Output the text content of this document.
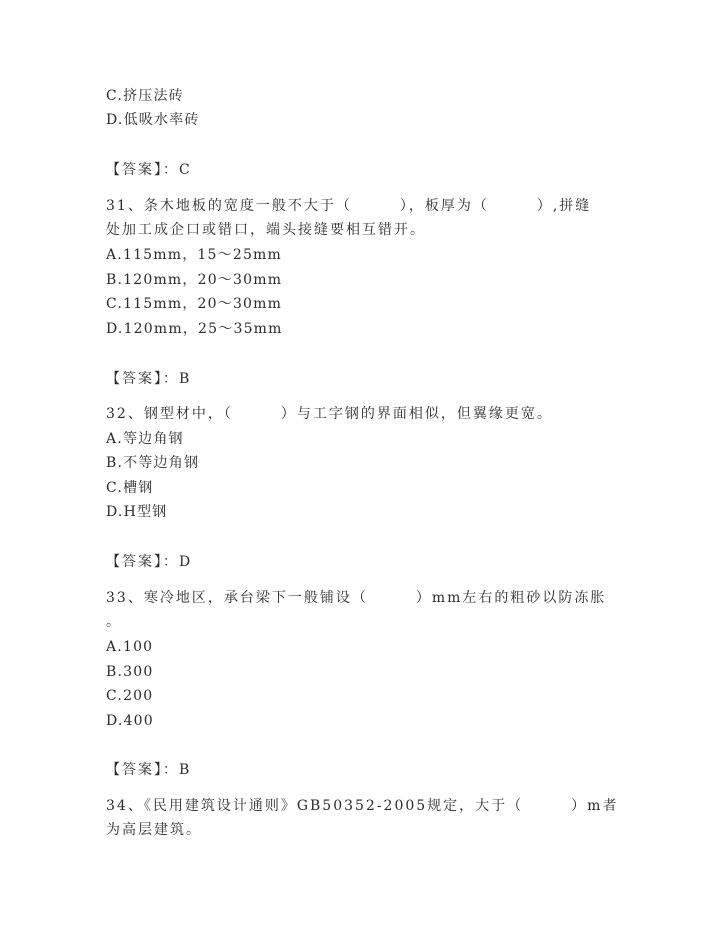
C.挤压法砖
D.低吸水率砖
【答案】：C
31、条木地板的宽度一般不大于（　　　），板厚为（　　　）,拼缝
处加工成企口或错口，端头接缝要相互错开。
A.115mm，15～25mm
B.120mm，20～30mm
C.115mm，20～30mm
D.120mm，25～35mm
【答案】：B
32、钢型材中，（　　　）与工字钢的界面相似，但翼缘更宽。
A.等边角钢
B.不等边角钢
C.槽钢
D.H型钢
【答案】：D
33、寒冷地区，承台梁下一般铺设（　　　）mm左右的粗砂以防冻胀
。
A.100
B.300
C.200
D.400
【答案】：B
34、《民用建筑设计通则》GB50352-2005规定，大于（　　　）m者
为高层建筑。
